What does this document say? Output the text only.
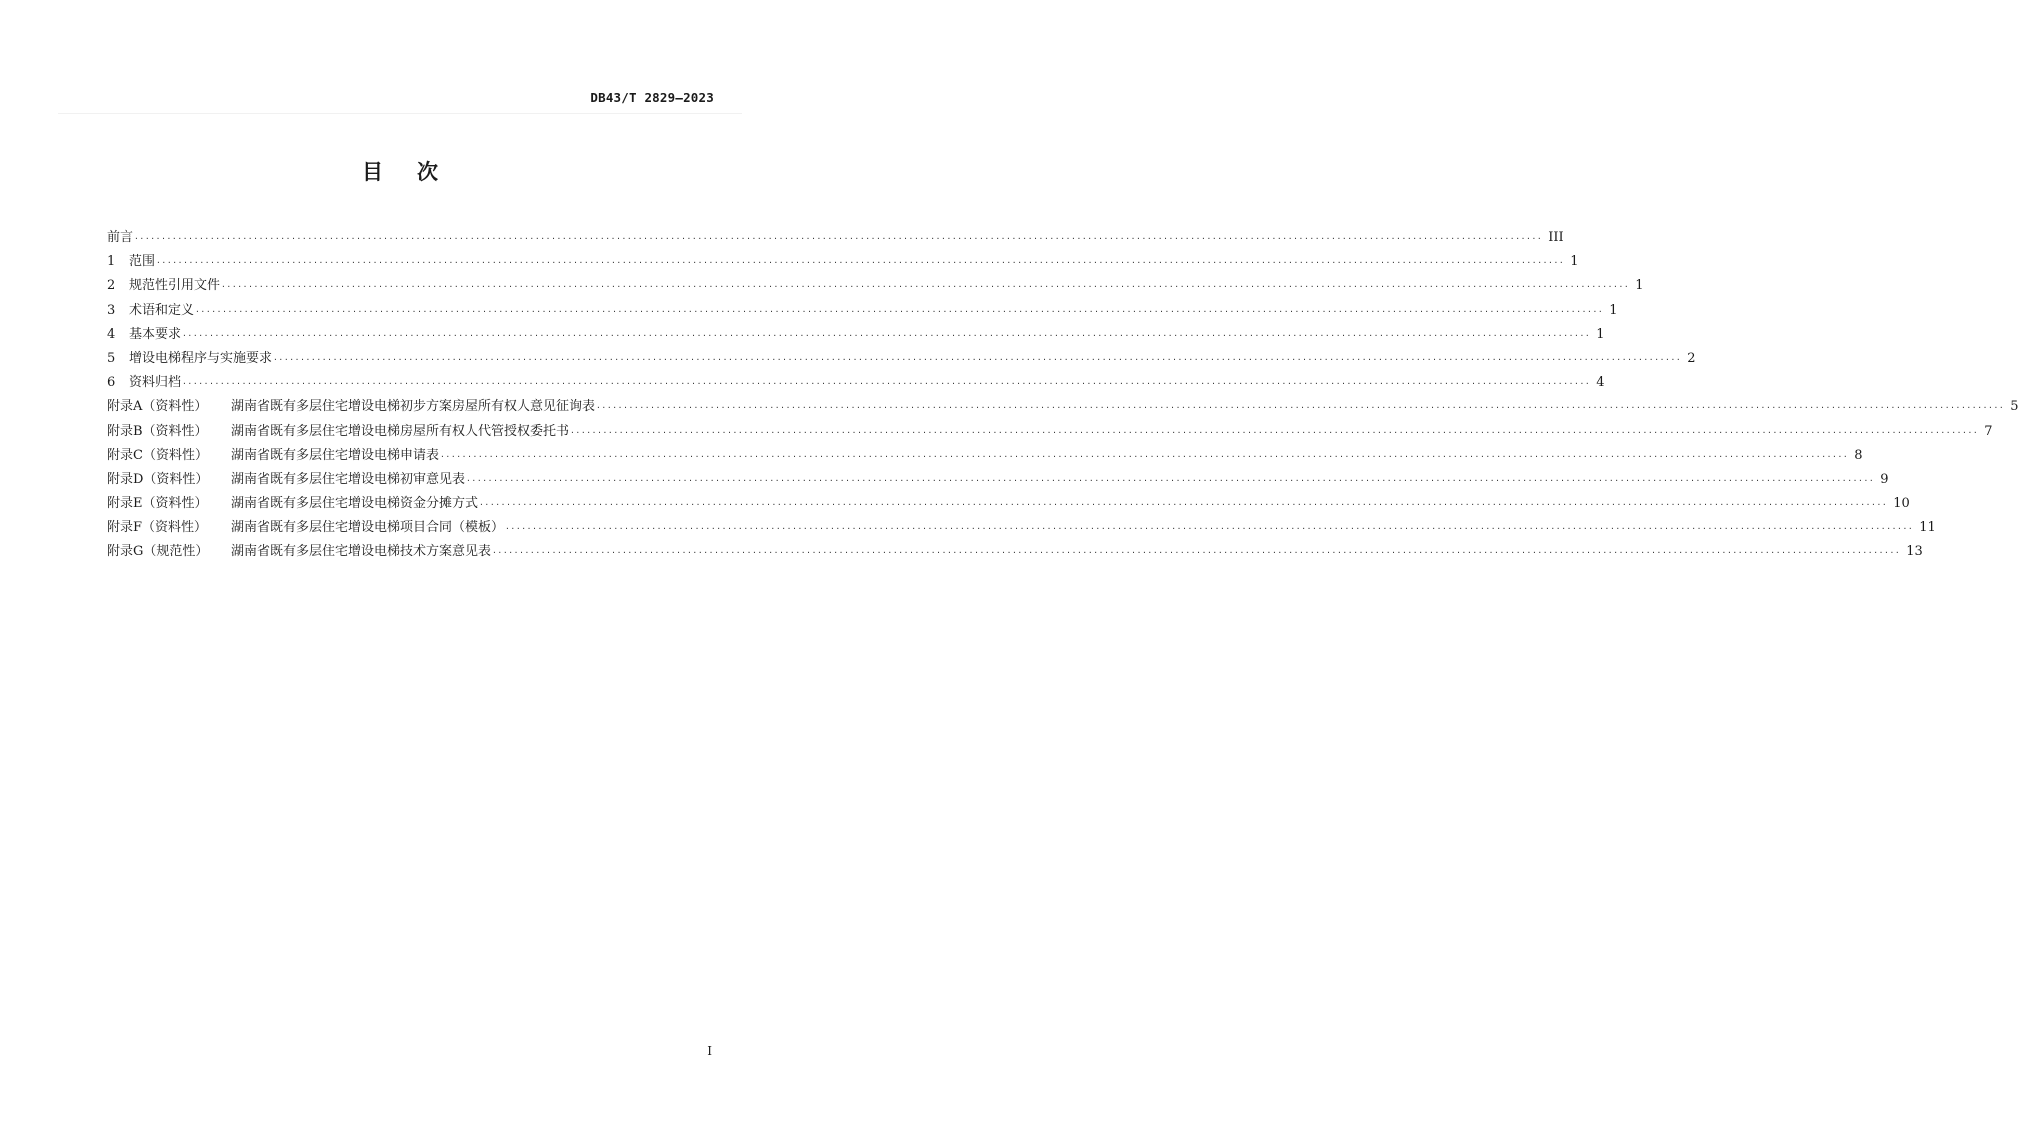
DB43/T 2829—2023
目 次
前言 ···································································································································································································································································· III
1 范围 ···································································································································································································································································· 1
2 规范性引用文件 ···································································································································································································································································· 1
3 术语和定义 ···································································································································································································································································· 1
4 基本要求 ···································································································································································································································································· 1
5 增设电梯程序与实施要求 ···································································································································································································································································· 2
6 资料归档 ···································································································································································································································································· 4
附录A（资料性） 湖南省既有多层住宅增设电梯初步方案房屋所有权人意见征询表 ···································································································································································································································································· 5
附录B（资料性） 湖南省既有多层住宅增设电梯房屋所有权人代管授权委托书 ···································································································································································································································································· 7
附录C（资料性） 湖南省既有多层住宅增设电梯申请表 ···································································································································································································································································· 8
附录D（资料性） 湖南省既有多层住宅增设电梯初审意见表 ···································································································································································································································································· 9
附录E（资料性） 湖南省既有多层住宅增设电梯资金分摊方式 ···································································································································································································································································· 10
附录F（资料性） 湖南省既有多层住宅增设电梯项目合同（模板） ···································································································································································································································································· 11
附录G（规范性） 湖南省既有多层住宅增设电梯技术方案意见表 ···································································································································································································································································· 13
I
